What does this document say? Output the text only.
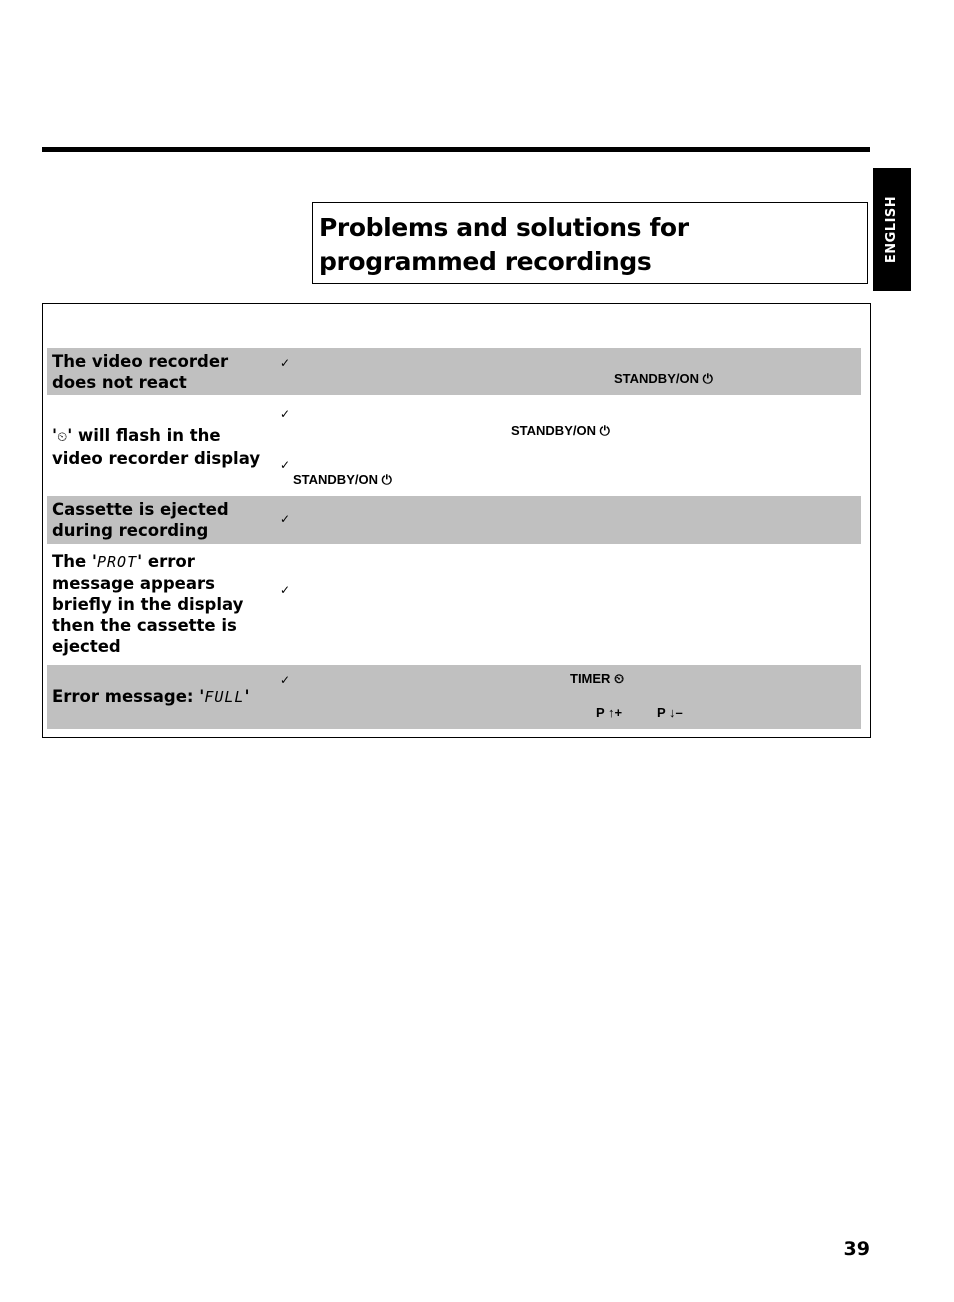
ENGLISH
Problems and solutions for programmed recordings
The video recorder does not react
✓
STANDBY/ON ⏻
'⏲' will flash in the video recorder display
✓
STANDBY/ON ⏻
✓
STANDBY/ON ⏻
Cassette is ejected during recording
✓
The 'PROT' error message appears briefly in the display then the cassette is ejected
✓
Error message: 'FULL'
✓	TIMER ⏲
P ↑+	P ↓–
39
